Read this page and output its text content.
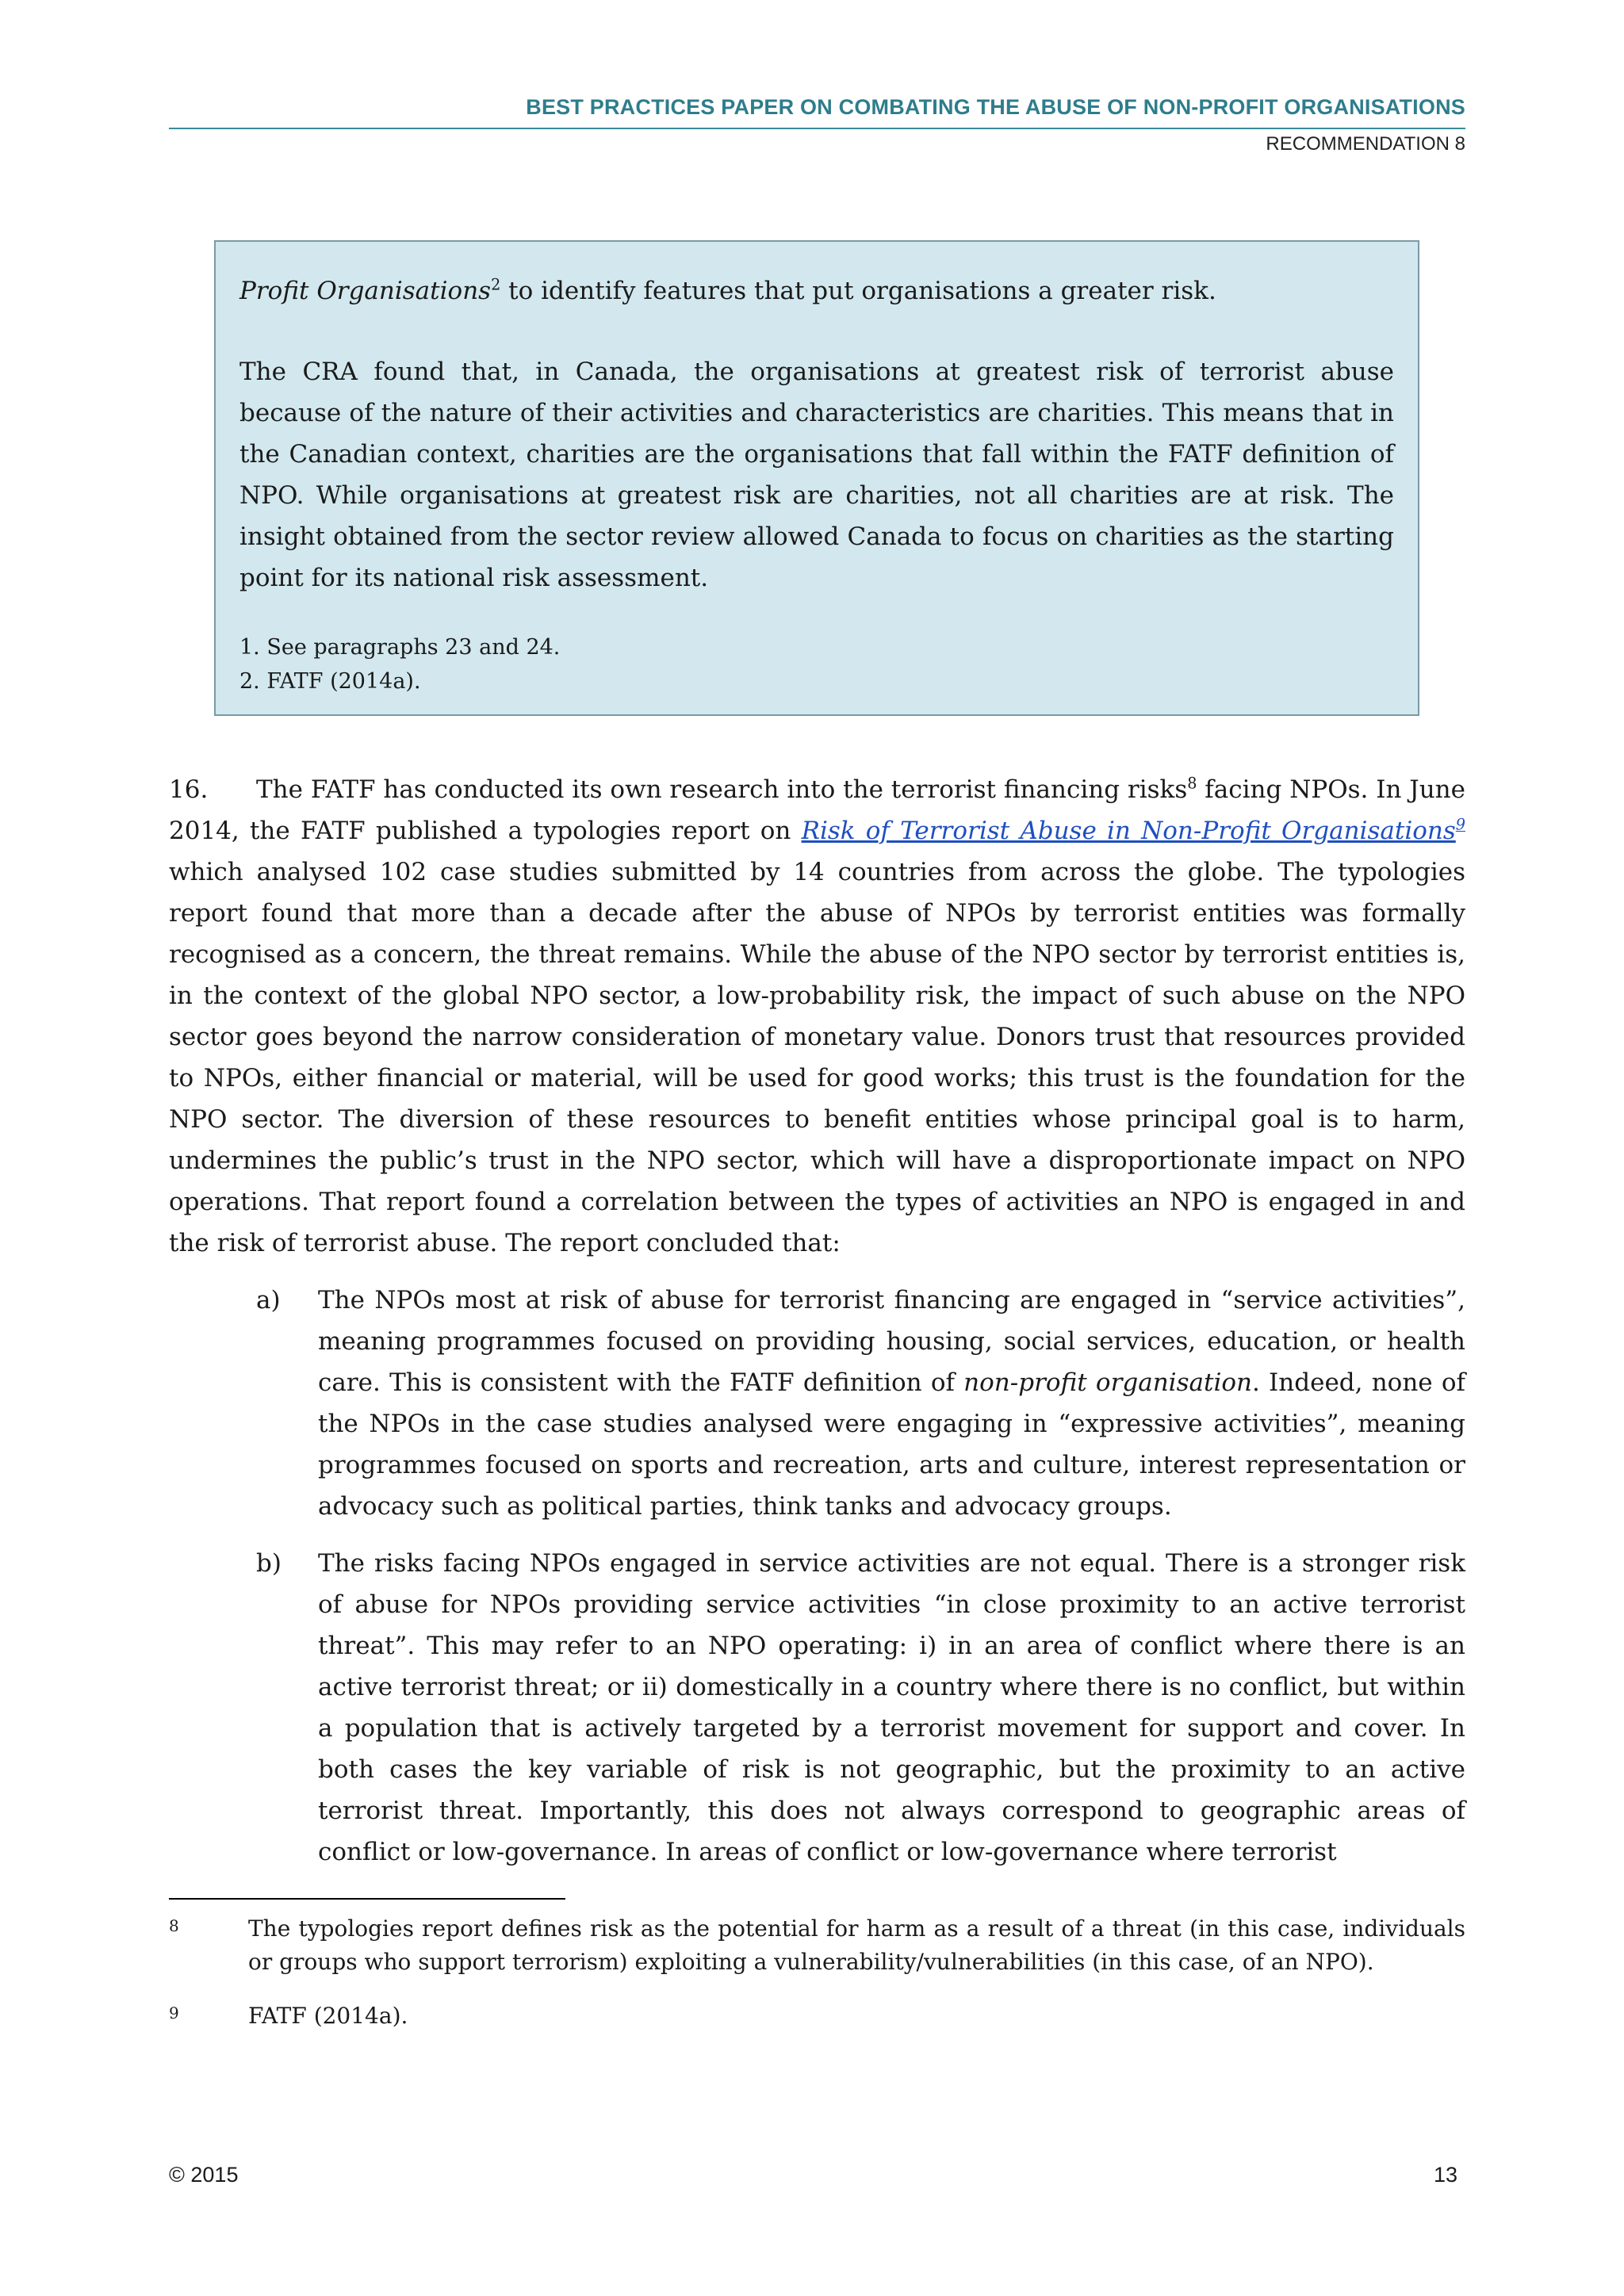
BEST PRACTICES PAPER ON COMBATING THE ABUSE OF NON-PROFIT ORGANISATIONS
RECOMMENDATION 8

Profit Organisations$^2$ to identify features that put organisations a greater risk.

The CRA found that, in Canada, the organisations at greatest risk of terrorist abuse because of the nature of their activities and characteristics are charities. This means that in the Canadian context, charities are the organisations that fall within the FATF definition of NPO. While organisations at greatest risk are charities, not all charities are at risk. The insight obtained from the sector review allowed Canada to focus on charities as the starting point for its national risk assessment.

1. See paragraphs 23 and 24.
2. FATF (2014a).

16. The FATF has conducted its own research into the terrorist financing risks$^8$ facing NPOs. In June 2014, the FATF published a typologies report on Risk of Terrorist Abuse in Non-Profit Organisations$^9$ which analysed 102 case studies submitted by 14 countries from across the globe. The typologies report found that more than a decade after the abuse of NPOs by terrorist entities was formally recognised as a concern, the threat remains. While the abuse of the NPO sector by terrorist entities is, in the context of the global NPO sector, a low-probability risk, the impact of such abuse on the NPO sector goes beyond the narrow consideration of monetary value. Donors trust that resources provided to NPOs, either financial or material, will be used for good works; this trust is the foundation for the NPO sector. The diversion of these resources to benefit entities whose principal goal is to harm, undermines the public’s trust in the NPO sector, which will have a disproportionate impact on NPO operations. That report found a correlation between the types of activities an NPO is engaged in and the risk of terrorist abuse. The report concluded that:

a)	The NPOs most at risk of abuse for terrorist financing are engaged in “service activities”, meaning programmes focused on providing housing, social services, education, or health care. This is consistent with the FATF definition of non-profit organisation. Indeed, none of the NPOs in the case studies analysed were engaging in “expressive activities”, meaning programmes focused on sports and recreation, arts and culture, interest representation or advocacy such as political parties, think tanks and advocacy groups.
b)	The risks facing NPOs engaged in service activities are not equal. There is a stronger risk of abuse for NPOs providing service activities “in close proximity to an active terrorist threat”. This may refer to an NPO operating: i) in an area of conflict where there is an active terrorist threat; or ii) domestically in a country where there is no conflict, but within a population that is actively targeted by a terrorist movement for support and cover. In both cases the key variable of risk is not geographic, but the proximity to an active terrorist threat. Importantly, this does not always correspond to geographic areas of conflict or low-governance. In areas of conflict or low-governance where terrorist
8	The typologies report defines risk as the potential for harm as a result of a threat (in this case, individuals or groups who support terrorism) exploiting a vulnerability/vulnerabilities (in this case, of an NPO).
9	FATF (2014a).
© 2015	13
